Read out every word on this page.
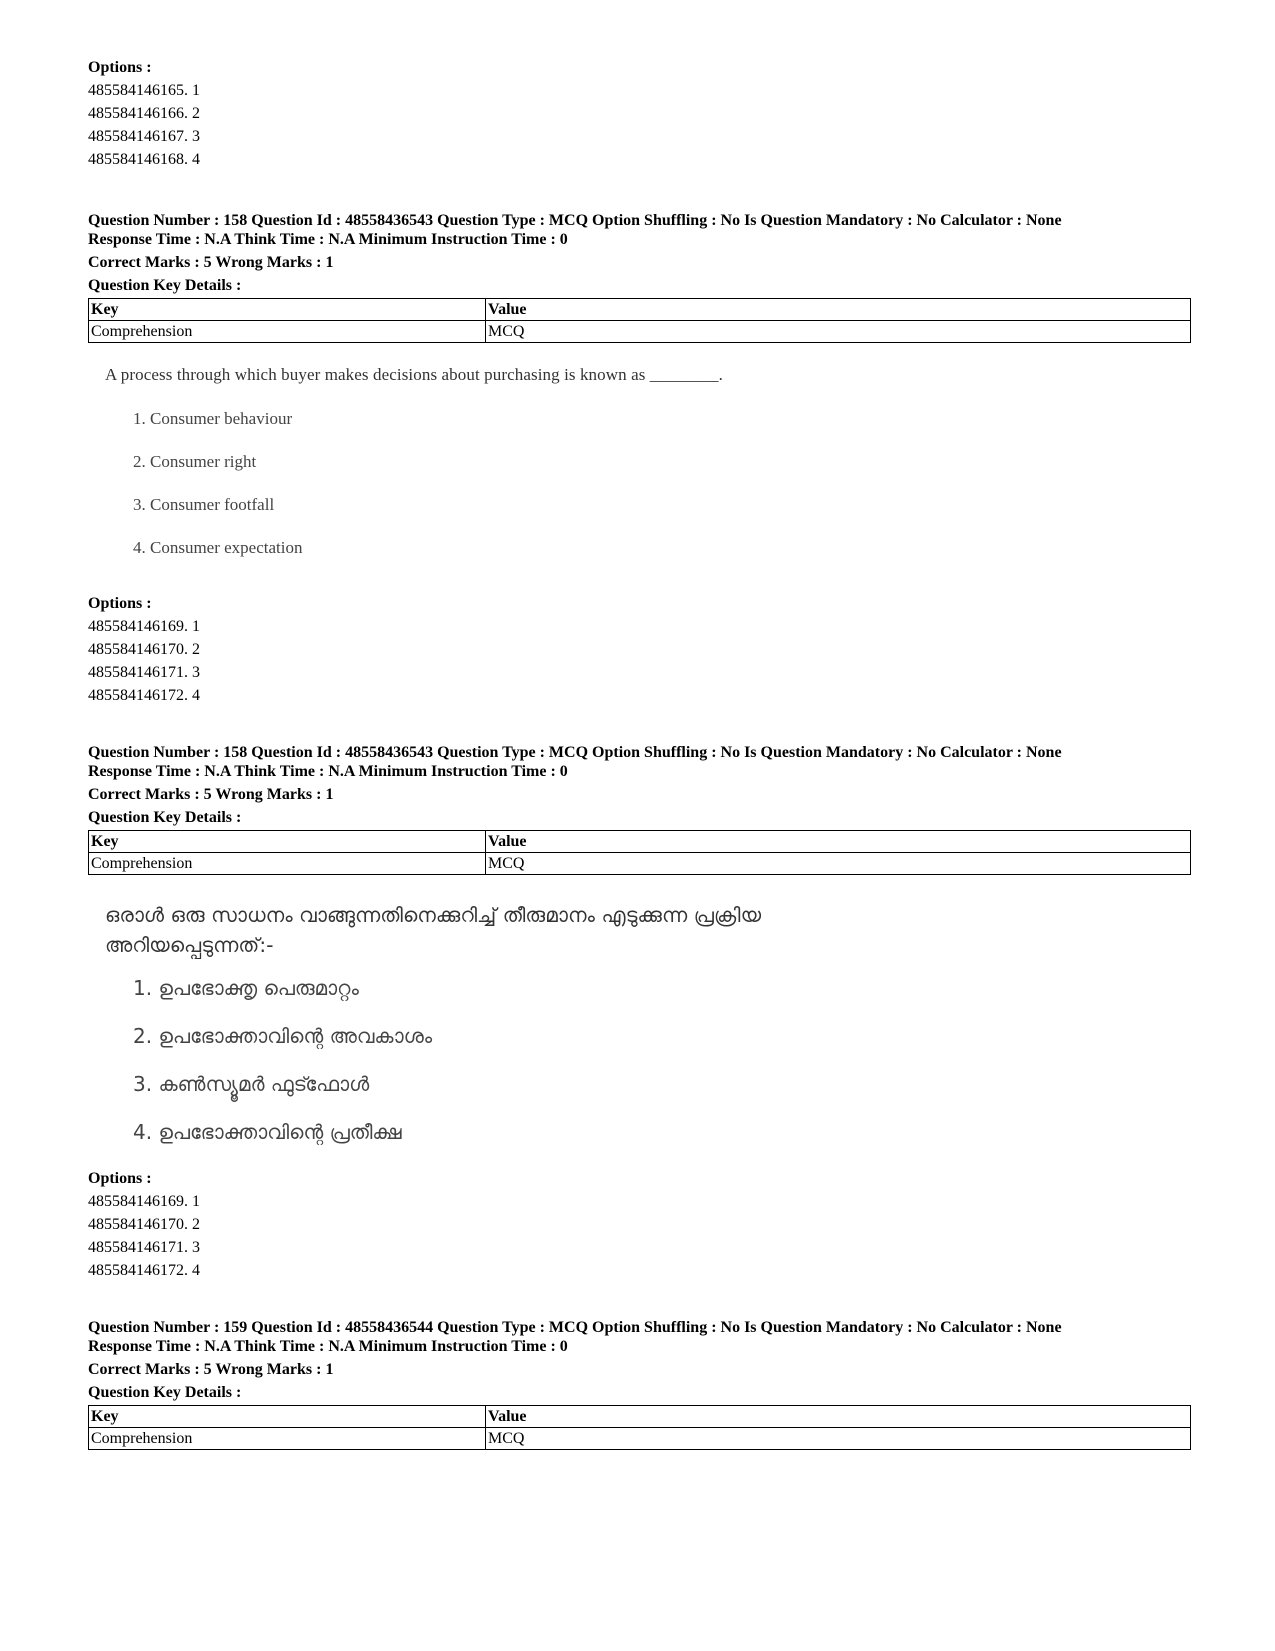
Options :
485584146165. 1
485584146166. 2
485584146167. 3
485584146168. 4
Question Number : 158 Question Id : 48558436543 Question Type : MCQ Option Shuffling : No Is Question Mandatory : No Calculator : None
Response Time : N.A Think Time : N.A Minimum Instruction Time : 0
Correct Marks : 5 Wrong Marks : 1
Question Key Details :
Key	Value
Comprehension	MCQ
A process through which buyer makes decisions about purchasing is known as ________.
1. Consumer behaviour
2. Consumer right
3. Consumer footfall
4. Consumer expectation
Options :
485584146169. 1
485584146170. 2
485584146171. 3
485584146172. 4
Question Number : 158 Question Id : 48558436543 Question Type : MCQ Option Shuffling : No Is Question Mandatory : No Calculator : None
Response Time : N.A Think Time : N.A Minimum Instruction Time : 0
Correct Marks : 5 Wrong Marks : 1
Question Key Details :
Key	Value
Comprehension	MCQ
ഒരാൾ ഒരു സാധനം വാങ്ങുന്നതിനെക്കുറിച്ച് തീരുമാനം എടുക്കുന്ന പ്രക്രിയ
അറിയപ്പെടുന്നത്:-
1. ഉപഭോക്തൃ പെരുമാറ്റം
2. ഉപഭോക്താവിന്റെ അവകാശം
3. കൺസ്യൂമർ ഫുട്ഫോൾ
4. ഉപഭോക്താവിന്റെ പ്രതീക്ഷ
Options :
485584146169. 1
485584146170. 2
485584146171. 3
485584146172. 4
Question Number : 159 Question Id : 48558436544 Question Type : MCQ Option Shuffling : No Is Question Mandatory : No Calculator : None
Response Time : N.A Think Time : N.A Minimum Instruction Time : 0
Correct Marks : 5 Wrong Marks : 1
Question Key Details :
Key	Value
Comprehension	MCQ
